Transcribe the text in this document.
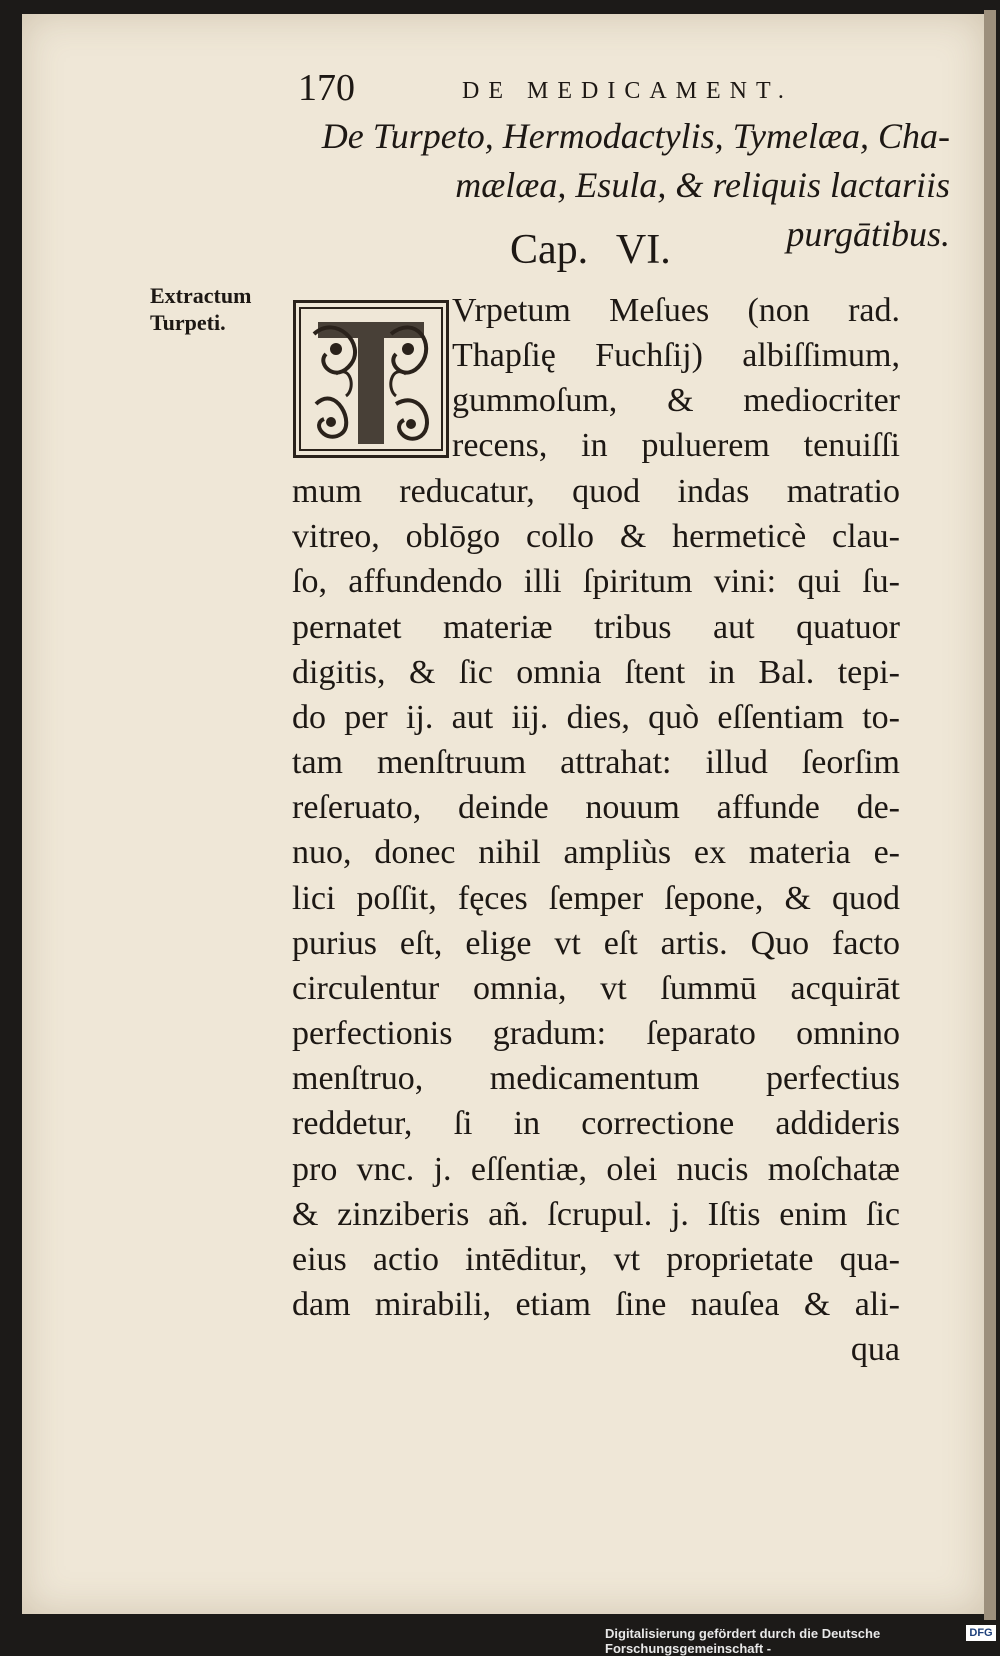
170	DE MEDICAMENT.
De Turpeto, Hermodactylis, Tymelæa, Cha-
mælæa, Esula, & reliquis lactariis purgātibus.
Cap. VI.
Extractum
Turpeti.	Vrpetum Meſues (non rad.
Thapſię Fuchſij) albiſſimum,
gummoſum, & mediocriter
recens, in puluerem tenuiſſi
mum reducatur, quod indas matratio
vitreo, oblōgo collo & hermeticè clau-
ſo, affundendo illi ſpiritum vini: qui ſu-
pernatet materiæ tribus aut quatuor
digitis, & ſic omnia ſtent in Bal. tepi-
do per ij. aut iij. dies, quò eſſentiam to-
tam menſtruum attrahat: illud ſeorſim
reſeruato, deinde nouum affunde de-
nuo, donec nihil ampliùs ex materia e-
lici poſſit, fęces ſemper ſepone, & quod
purius eſt, elige vt eſt artis. Quo facto
circulentur omnia, vt ſummū acquirāt
perfectionis gradum: ſeparato omnino
menſtruo, medicamentum perfectius
reddetur, ſi in correctione addideris
pro vnc. j. eſſentiæ, olei nucis moſchatæ
& zinziberis añ. ſcrupul. j. Iſtis enim ſic
eius actio intēditur, vt proprietate qua-
dam mirabili, etiam ſine nauſea & ali-
qua
Digitalisierung gefördert durch die Deutsche Forschungsgemeinschaft -
DFG
